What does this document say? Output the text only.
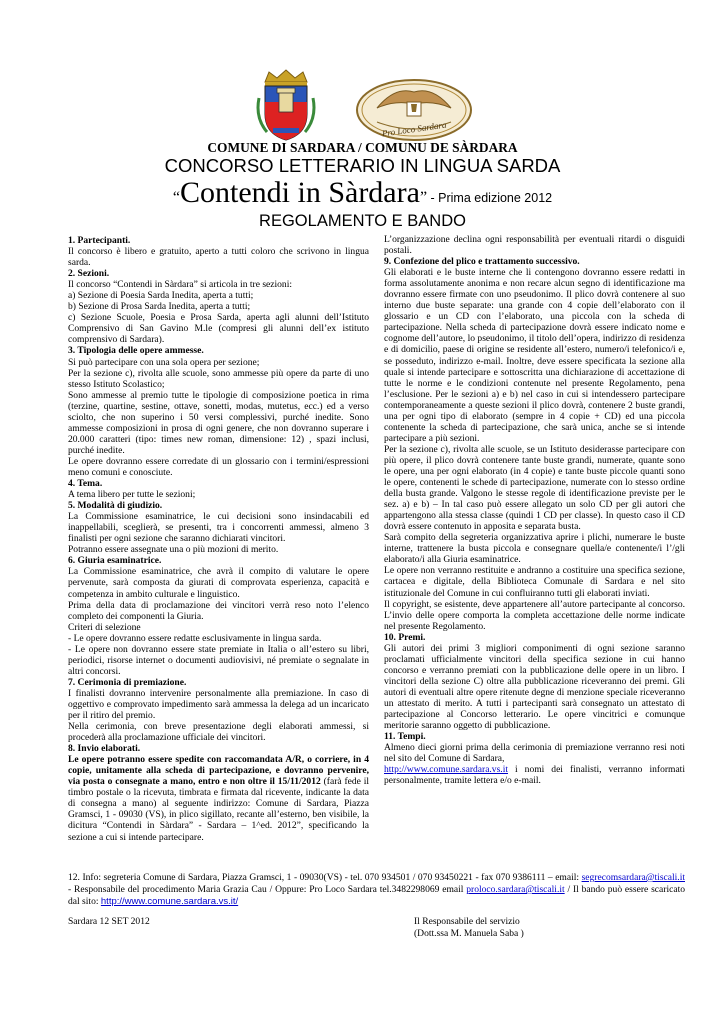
Pro Loco Sardara
COMUNE DI SARDARA / COMUNU DE SÀRDARA
CONCORSO LETTERARIO IN LINGUA SARDA
“Contendi in Sàrdara” - Prima edizione 2012
REGOLAMENTO E BANDO

1. Partecipanti.

Il concorso è libero e gratuito, aperto a tutti coloro che scrivono in lingua sarda.

2. Sezioni.

Il concorso “Contendi in Sàrdara” si articola in tre sezioni:

a) Sezione di Poesia Sarda Inedita, aperta a tutti;

b) Sezione di Prosa Sarda Inedita, aperta a tutti;

c) Sezione Scuole, Poesia e Prosa Sarda, aperta agli alunni dell’Istituto Comprensivo di San Gavino M.le (compresi gli alunni dell’ex istituto comprensivo di Sardara).

3. Tipologia delle opere ammesse.

Si può partecipare con una sola opera per sezione;

Per la sezione c), rivolta alle scuole, sono ammesse più opere da parte di uno stesso Istituto Scolastico;

Sono ammesse al premio tutte le tipologie di composizione poetica in rima (terzine, quartine, sestine, ottave, sonetti, modas, mutetus, ecc.) ed a verso sciolto, che non superino i 50 versi complessivi, purché inedite. Sono ammesse composizioni in prosa di ogni genere, che non dovranno superare i 20.000 caratteri (tipo: times new roman, dimensione: 12) , spazi inclusi, purché inedite.

Le opere dovranno essere corredate di un glossario con i termini/espressioni meno comuni e conosciute.

4. Tema.

A tema libero per tutte le sezioni;

5. Modalità di giudizio.

La Commissione esaminatrice, le cui decisioni sono insindacabili ed inappellabili, sceglierà, se presenti, tra i concorrenti ammessi, almeno 3 finalisti per ogni sezione che saranno dichiarati vincitori.

Potranno essere assegnate una o più mozioni di merito.

6. Giuria esaminatrice.

La Commissione esaminatrice, che avrà il compito di valutare le opere pervenute, sarà composta da giurati di comprovata esperienza, capacità e competenza in ambito culturale e linguistico.

Prima della data di proclamazione dei vincitori verrà reso noto l’elenco completo dei componenti la Giuria.

Criteri di selezione

- Le opere dovranno essere redatte esclusivamente in lingua sarda.

- Le opere non dovranno essere state premiate in Italia o all’estero su libri, periodici, risorse internet o documenti audiovisivi, né premiate o segnalate in altri concorsi.

7. Cerimonia di premiazione.

I finalisti dovranno intervenire personalmente alla premiazione. In caso di oggettivo e comprovato impedimento sarà ammessa la delega ad un incaricato per il ritiro del premio.

Nella cerimonia, con breve presentazione degli elaborati ammessi, si procederà alla proclamazione ufficiale dei vincitori.

8. Invio elaborati.

Le opere potranno essere spedite con raccomandata A/R, o corriere, in 4 copie, unitamente alla scheda di partecipazione, e dovranno pervenire, via posta o consegnate a mano, entro e non oltre il 15/11/2012 (farà fede il timbro postale o la ricevuta, timbrata e firmata dal ricevente, indicante la data di consegna a mano) al seguente indirizzo: Comune di Sardara, Piazza Gramsci, 1 - 09030 (VS), in plico sigillato, recante all’esterno, ben visibile, la dicitura “Contendi in Sàrdara” - Sardara – 1^ed. 2012”, specificando la sezione a cui si intende partecipare.

L’organizzazione declina ogni responsabilità per eventuali ritardi o disguidi postali.

9. Confezione del plico e trattamento successivo.

Gli elaborati e le buste interne che li contengono dovranno essere redatti in forma assolutamente anonima e non recare alcun segno di identificazione ma dovranno essere firmate con uno pseudonimo. Il plico dovrà contenere al suo interno due buste separate: una grande con 4 copie dell’elaborato con il glossario e un CD con l’elaborato, una piccola con la scheda di partecipazione. Nella scheda di partecipazione dovrà essere indicato nome e cognome dell’autore, lo pseudonimo, il titolo dell’opera, indirizzo di residenza e di domicilio, paese di origine se residente all’estero, numero/i telefonico/i e, se posseduto, indirizzo e-mail. Inoltre, deve essere specificata la sezione alla quale si intende partecipare e sottoscritta una dichiarazione di accettazione di tutte le norme e le condizioni contenute nel presente Regolamento, pena l’esclusione. Per le sezioni a) e b) nel caso in cui si intendessero partecipare contemporaneamente a queste sezioni il plico dovrà, contenere 2 buste grandi, una per ogni tipo di elaborato (sempre in 4 copie + CD) ed una piccola contenente la scheda di partecipazione, che sarà unica, anche se si intende partecipare a più sezioni.

Per la sezione c), rivolta alle scuole, se un Istituto desiderasse partecipare con più opere, il plico dovrà contenere tante buste grandi, numerate, quante sono le opere, una per ogni elaborato (in 4 copie) e tante buste piccole quanti sono le opere, contenenti le schede di partecipazione, numerate con lo stesso ordine della busta grande. Valgono le stesse regole di identificazione previste per le sez. a) e b) – In tal caso può essere allegato un solo CD per gli autori che appartengono alla stessa classe (quindi 1 CD per classe). In questo caso il CD dovrà essere contenuto in apposita e separata busta.

Sarà compito della segreteria organizzativa aprire i plichi, numerare le buste interne, trattenere la busta piccola e consegnare quella/e contenente/i l’/gli elaborato/i alla Giuria esaminatrice.

Le opere non verranno restituite e andranno a costituire una specifica sezione, cartacea e digitale, della Biblioteca Comunale di Sardara e nel sito istituzionale del Comune in cui confluiranno tutti gli elaborati inviati.

Il copyright, se esistente, deve appartenere all’autore partecipante al concorso. L’invio delle opere comporta la completa accettazione delle norme indicate nel presente Regolamento.

10. Premi.

Gli autori dei primi 3 migliori componimenti di ogni sezione saranno proclamati ufficialmente vincitori della specifica sezione in cui hanno concorso e verranno premiati con la pubblicazione delle opere in un libro. I vincitori della sezione C) oltre alla pubblicazione riceveranno dei premi. Gli autori di eventuali altre opere ritenute degne di menzione speciale riceveranno un attestato di merito. A tutti i partecipanti sarà consegnato un attestato di partecipazione al Concorso letterario. Le opere vincitrici e comunque meritorie saranno oggetto di pubblicazione.

11. Tempi.

Almeno dieci giorni prima della cerimonia di premiazione verranno resi noti nel sito del Comune di Sardara,

http://www.comune.sardara.vs.it i nomi dei finalisti, verranno informati personalmente, tramite lettera e/o e-mail.

12. Info: segreteria Comune di Sardara, Piazza Gramsci, 1 - 09030(VS) - tel. 070 934501 / 070 93450221 - fax 070 9386111 – email: segrecomsardara@tiscali.it - Responsabile del procedimento Maria Grazia Cau / Oppure: Pro Loco Sardara tel.3482298069 email proloco.sardara@tiscali.it / Il bando può essere scaricato dal sito: http://www.comune.sardara.vs.it/

Sardara 12 SET 2012	Il Responsabile del servizio
(Dott.ssa M. Manuela Saba )
